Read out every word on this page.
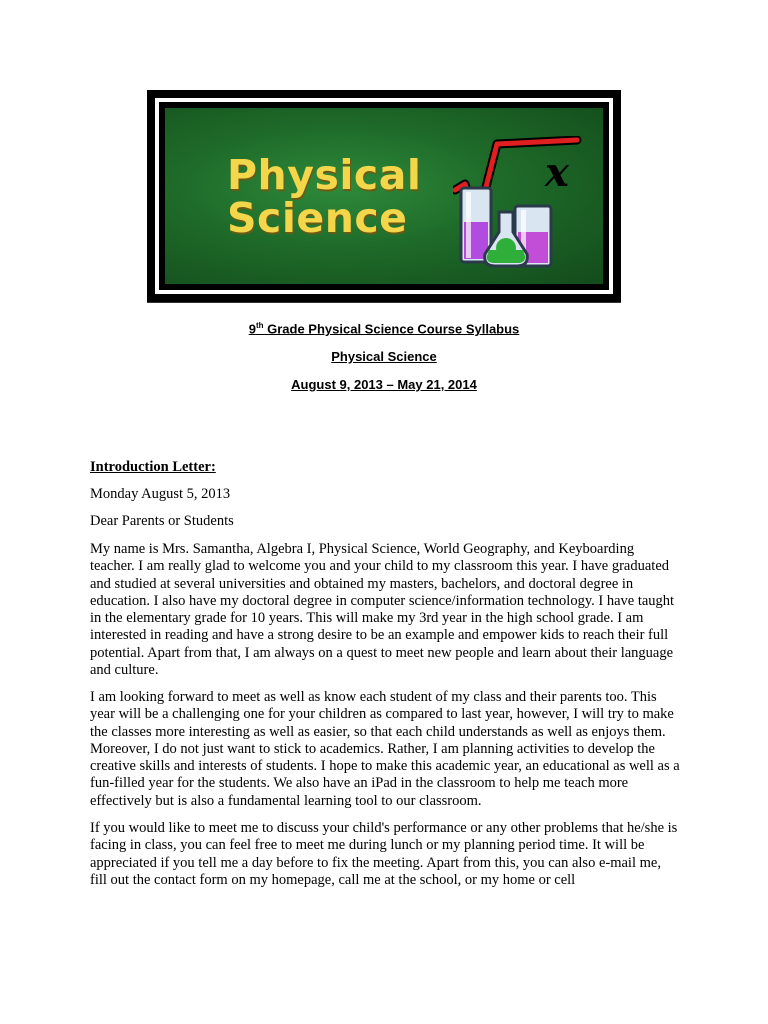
Physical
Science
x
9th Grade Physical Science Course Syllabus
Physical Science
August 9, 2013 – May 21, 2014
Introduction Letter:
Monday August 5, 2013
Dear Parents or Students
My name is Mrs. Samantha, Algebra I, Physical Science, World Geography, and Keyboarding teacher. I am really glad to welcome you and your child to my classroom this year. I have graduated and studied at several universities and obtained my masters, bachelors, and doctoral degree in education. I also have my doctoral degree in computer science/information technology. I have taught in the elementary grade for 10 years. This will make my 3rd year in the high school grade. I am interested in reading and have a strong desire to be an example and empower kids to reach their full potential. Apart from that, I am always on a quest to meet new people and learn about their language and culture.
I am looking forward to meet as well as know each student of my class and their parents too. This year will be a challenging one for your children as compared to last year, however, I will try to make the classes more interesting as well as easier, so that each child understands as well as enjoys them. Moreover, I do not just want to stick to academics. Rather, I am planning activities to develop the creative skills and interests of students. I hope to make this academic year, an educational as well as a fun-filled year for the students. We also have an iPad in the classroom to help me teach more effectively but is also a fundamental learning tool to our classroom.
If you would like to meet me to discuss your child's performance or any other problems that he/she is facing in class, you can feel free to meet me during lunch or my planning period time. It will be appreciated if you tell me a day before to fix the meeting. Apart from this, you can also e-mail me, fill out the contact form on my homepage, call me at the school, or my home or cell
